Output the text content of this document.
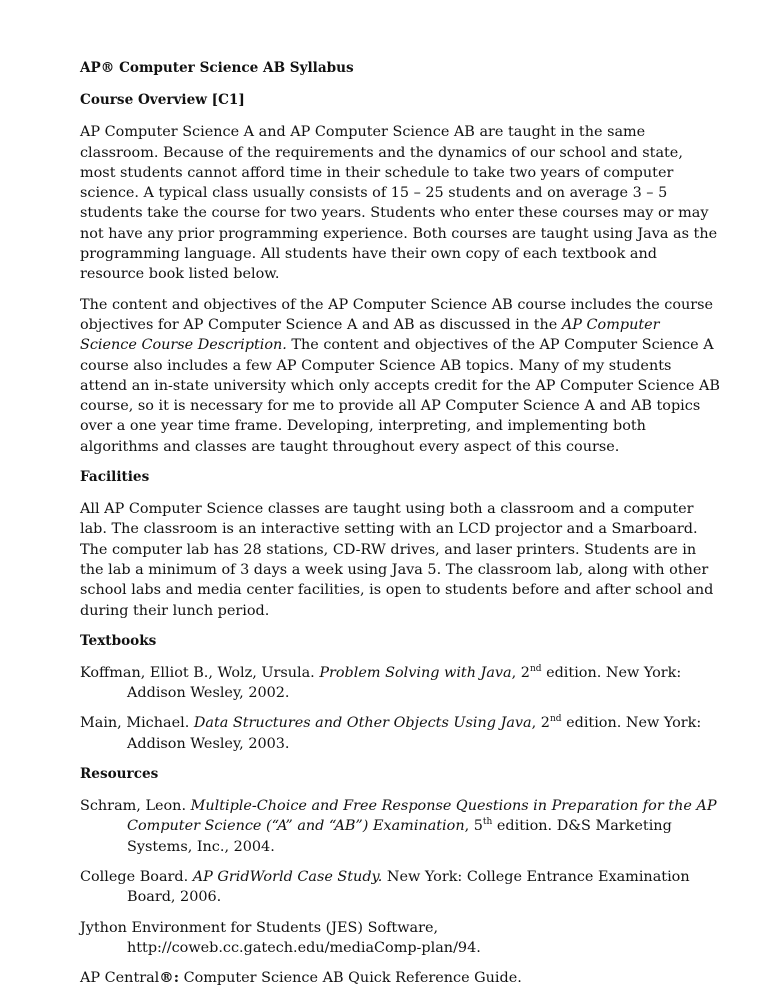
AP® Computer Science AB Syllabus
Course Overview [C1]

AP Computer Science A and AP Computer Science AB are taught in the same classroom. Because of the requirements and the dynamics of our school and state, most students cannot afford time in their schedule to take two years of computer science. A typical class usually consists of 15 – 25 students and on average 3 – 5 students take the course for two years. Students who enter these courses may or may not have any prior programming experience. Both courses are taught using Java as the programming language. All students have their own copy of each textbook and resource book listed below.

The content and objectives of the AP Computer Science AB course includes the course objectives for AP Computer Science A and AB as discussed in the AP Computer Science Course Description. The content and objectives of the AP Computer Science A course also includes a few AP Computer Science AB topics. Many of my students attend an in-state university which only accepts credit for the AP Computer Science AB course, so it is necessary for me to provide all AP Computer Science A and AB topics over a one year time frame. Developing, interpreting, and implementing both algorithms and classes are taught throughout every aspect of this course.

Facilities

All AP Computer Science classes are taught using both a classroom and a computer lab. The classroom is an interactive setting with an LCD projector and a Smarboard. The computer lab has 28 stations, CD-RW drives, and laser printers. Students are in the lab a minimum of 3 days a week using Java 5. The classroom lab, along with other school labs and media center facilities, is open to students before and after school and during their lunch period.

Textbooks

Koffman, Elliot B., Wolz, Ursula. Problem Solving with Java, 2nd edition. New York: Addison Wesley, 2002.

Main, Michael. Data Structures and Other Objects Using Java, 2nd edition. New York: Addison Wesley, 2003.

Resources

Schram, Leon. Multiple-Choice and Free Response Questions in Preparation for the AP Computer Science (“A” and “AB”) Examination, 5th edition. D&S Marketing Systems, Inc., 2004.

College Board. AP GridWorld Case Study. New York: College Entrance Examination Board, 2006.

Jython Environment for Students (JES) Software, http://coweb.cc.gatech.edu/mediaComp-plan/94.

AP Central®: Computer Science AB Quick Reference Guide.
